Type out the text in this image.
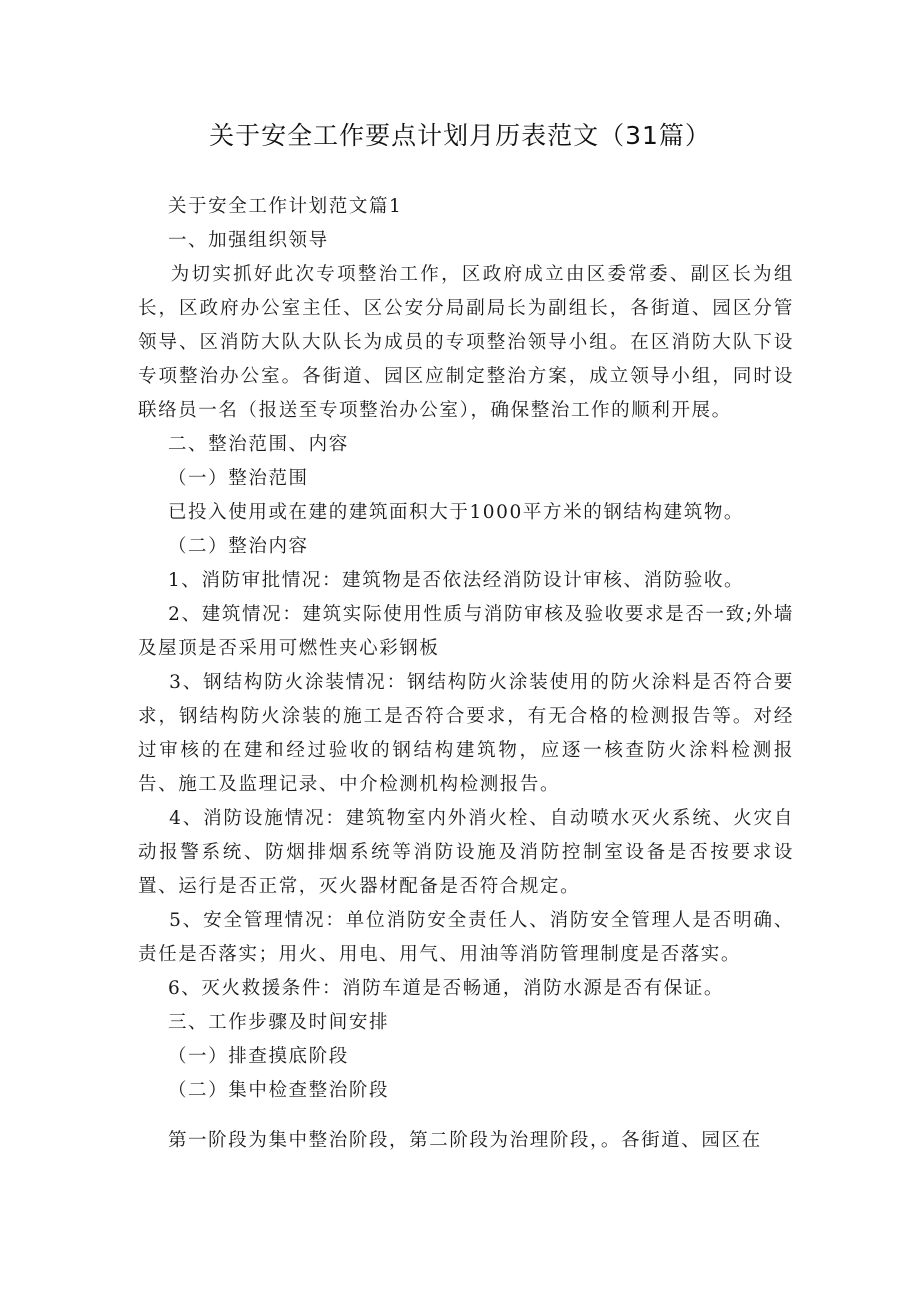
关于安全工作要点计划月历表范文（31篇）
关于安全工作计划范文篇1
一、加强组织领导
为切实抓好此次专项整治工作，区政府成立由区委常委、副区长为组长，区政府办公室主任、区公安分局副局长为副组长，各街道、园区分管领导、区消防大队大队长为成员的专项整治领导小组。在区消防大队下设专项整治办公室。各街道、园区应制定整治方案，成立领导小组，同时设联络员一名（报送至专项整治办公室），确保整治工作的顺利开展。
二、整治范围、内容
（一）整治范围
已投入使用或在建的建筑面积大于1000平方米的钢结构建筑物。
（二）整治内容
1、消防审批情况：建筑物是否依法经消防设计审核、消防验收。
2、建筑情况：建筑实际使用性质与消防审核及验收要求是否一致;外墙及屋顶是否采用可燃性夹心彩钢板
3、钢结构防火涂装情况：钢结构防火涂装使用的防火涂料是否符合要求，钢结构防火涂装的施工是否符合要求，有无合格的检测报告等。对经过审核的在建和经过验收的钢结构建筑物，应逐一核查防火涂料检测报告、施工及监理记录、中介检测机构检测报告。
4、消防设施情况：建筑物室内外消火栓、自动喷水灭火系统、火灾自动报警系统、防烟排烟系统等消防设施及消防控制室设备是否按要求设置、运行是否正常，灭火器材配备是否符合规定。
5、安全管理情况：单位消防安全责任人、消防安全管理人是否明确、责任是否落实；用火、用电、用气、用油等消防管理制度是否落实。
6、灭火救援条件：消防车道是否畅通，消防水源是否有保证。
三、工作步骤及时间安排
（一）排查摸底阶段
（二）集中检查整治阶段
第一阶段为集中整治阶段，第二阶段为治理阶段，。各街道、园区在
